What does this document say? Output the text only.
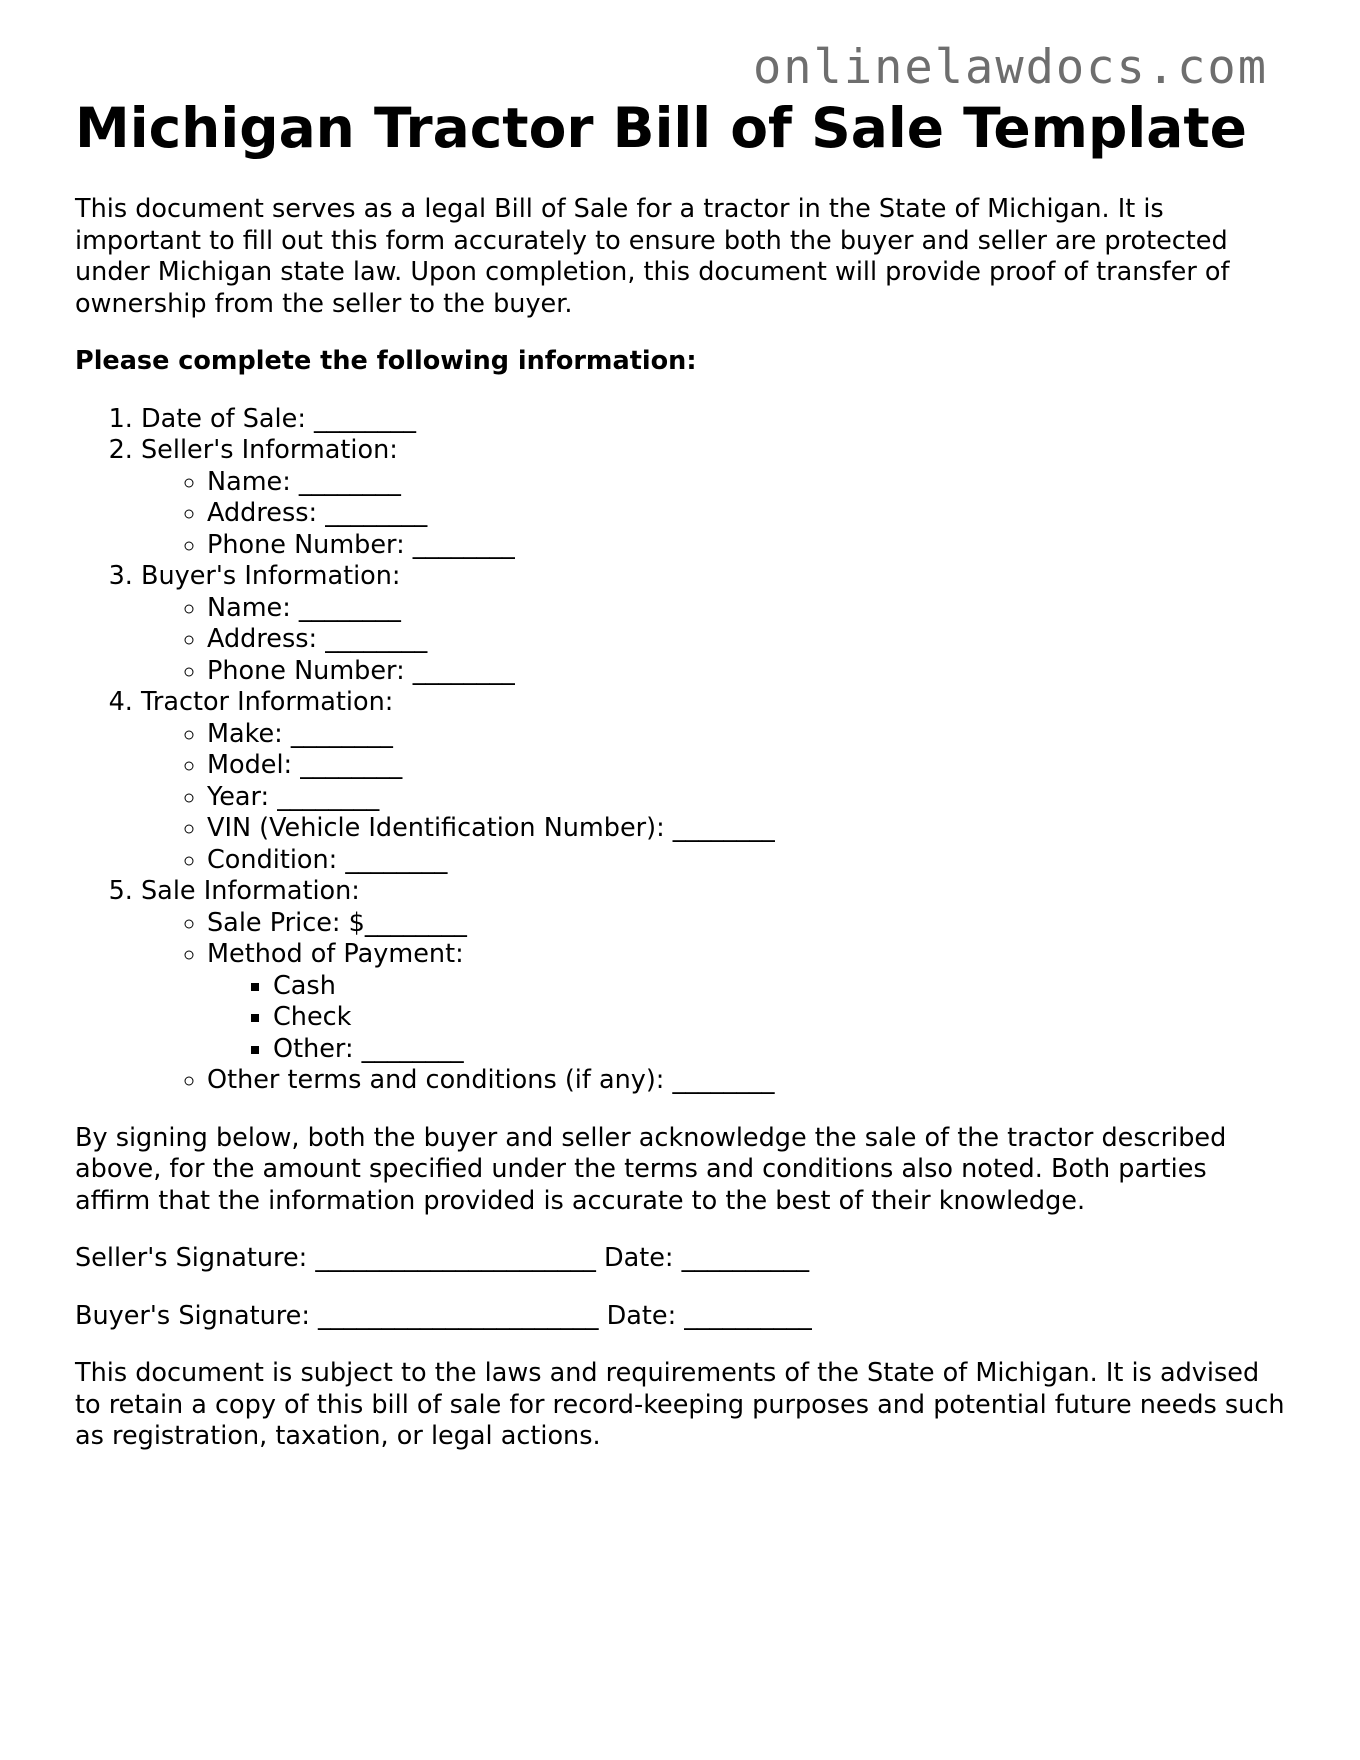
onlinelawdocs.com
Michigan Tractor Bill of Sale Template

This document serves as a legal Bill of Sale for a tractor in the State of Michigan. It is important to fill out this form accurately to ensure both the buyer and seller are protected under Michigan state law. Upon completion, this document will provide proof of transfer of ownership from the seller to the buyer.

Please complete the following information:

1. Date of Sale: ________
2. Seller's Information:
◦ Name: ________
◦ Address: ________
◦ Phone Number: ________
3. Buyer's Information:
◦ Name: ________
◦ Address: ________
◦ Phone Number: ________
4. Tractor Information:
◦ Make: ________
◦ Model: ________
◦ Year: ________
◦ VIN (Vehicle Identification Number): ________
◦ Condition: ________
5. Sale Information:
◦ Sale Price: $________
◦ Method of Payment:
▪ Cash
▪ Check
▪ Other: ________
◦ Other terms and conditions (if any): ________

By signing below, both the buyer and seller acknowledge the sale of the tractor described above, for the amount specified under the terms and conditions also noted. Both parties affirm that the information provided is accurate to the best of their knowledge.

Seller's Signature: ______________________ Date: __________

Buyer's Signature: ______________________ Date: __________

This document is subject to the laws and requirements of the State of Michigan. It is advised to retain a copy of this bill of sale for record-keeping purposes and potential future needs such as registration, taxation, or legal actions.
